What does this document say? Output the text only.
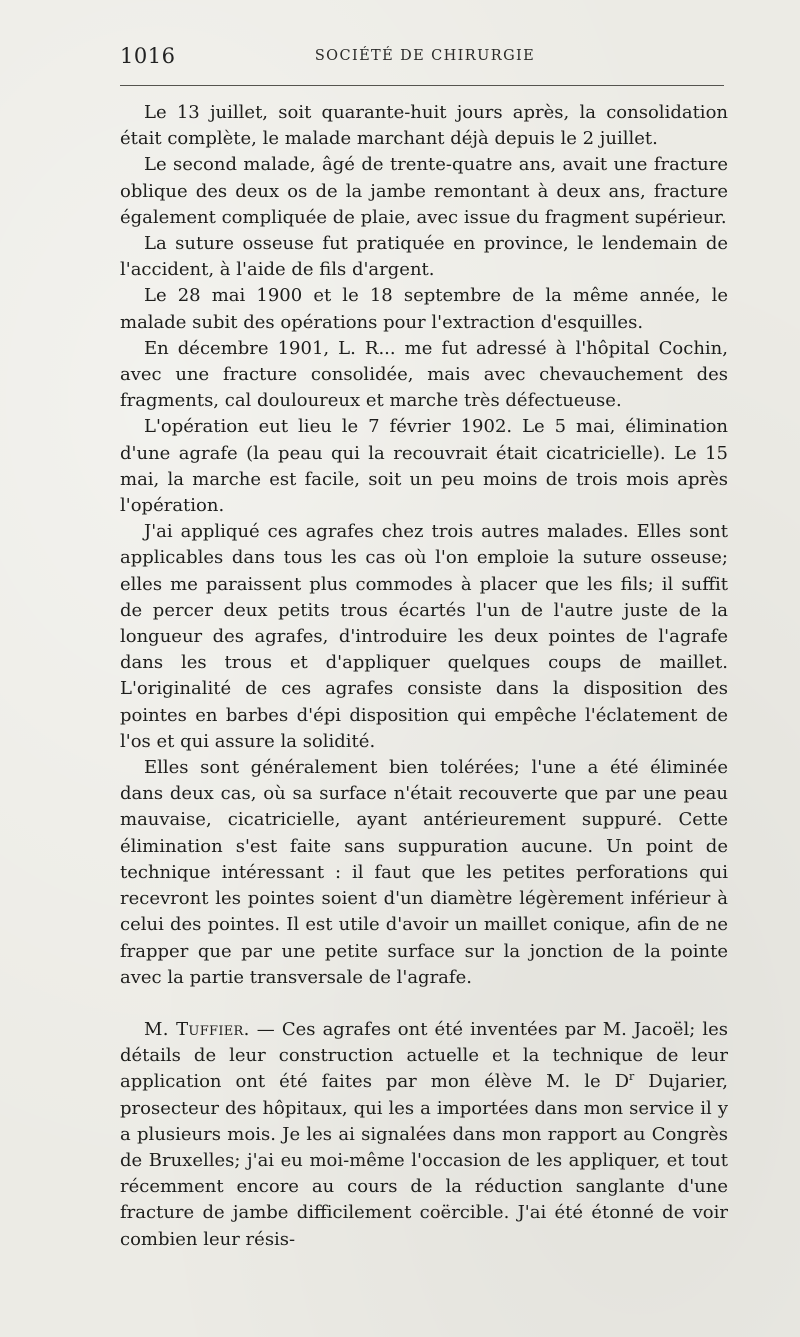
1016	SOCIÉTÉ DE CHIRURGIE

Le 13 juillet, soit quarante-huit jours après, la consolidation était complète, le malade marchant déjà depuis le 2 juillet.

Le second malade, âgé de trente-quatre ans, avait une fracture oblique des deux os de la jambe remontant à deux ans, fracture également compliquée de plaie, avec issue du fragment supérieur.

La suture osseuse fut pratiquée en province, le lendemain de l'accident, à l'aide de fils d'argent.

Le 28 mai 1900 et le 18 septembre de la même année, le malade subit des opérations pour l'extraction d'esquilles.

En décembre 1901, L. R... me fut adressé à l'hôpital Cochin, avec une fracture consolidée, mais avec chevauchement des fragments, cal douloureux et marche très défectueuse.

L'opération eut lieu le 7 février 1902. Le 5 mai, élimination d'une agrafe (la peau qui la recouvrait était cicatricielle). Le 15 mai, la marche est facile, soit un peu moins de trois mois après l'opération.

J'ai appliqué ces agrafes chez trois autres malades. Elles sont applicables dans tous les cas où l'on emploie la suture osseuse; elles me paraissent plus commodes à placer que les fils; il suffit de percer deux petits trous écartés l'un de l'autre juste de la longueur des agrafes, d'introduire les deux pointes de l'agrafe dans les trous et d'appliquer quelques coups de maillet. L'originalité de ces agrafes consiste dans la disposition des pointes en barbes d'épi disposition qui empêche l'éclatement de l'os et qui assure la solidité.

Elles sont généralement bien tolérées; l'une a été éliminée dans deux cas, où sa surface n'était recouverte que par une peau mauvaise, cicatricielle, ayant antérieurement suppuré. Cette élimination s'est faite sans suppuration aucune. Un point de technique intéressant : il faut que les petites perforations qui recevront les pointes soient d'un diamètre légèrement inférieur à celui des pointes. Il est utile d'avoir un maillet conique, afin de ne frapper que par une petite surface sur la jonction de la pointe avec la partie transversale de l'agrafe.

M. Tuffier. — Ces agrafes ont été inventées par M. Jacoël; les détails de leur construction actuelle et la technique de leur application ont été faites par mon élève M. le $D^r$ Dujarier, prosecteur des hôpitaux, qui les a importées dans mon service il y a plusieurs mois. Je les ai signalées dans mon rapport au Congrès de Bruxelles; j'ai eu moi-même l'occasion de les appliquer, et tout récemment encore au cours de la réduction sanglante d'une fracture de jambe difficilement coërcible. J'ai été étonné de voir combien leur résis-
